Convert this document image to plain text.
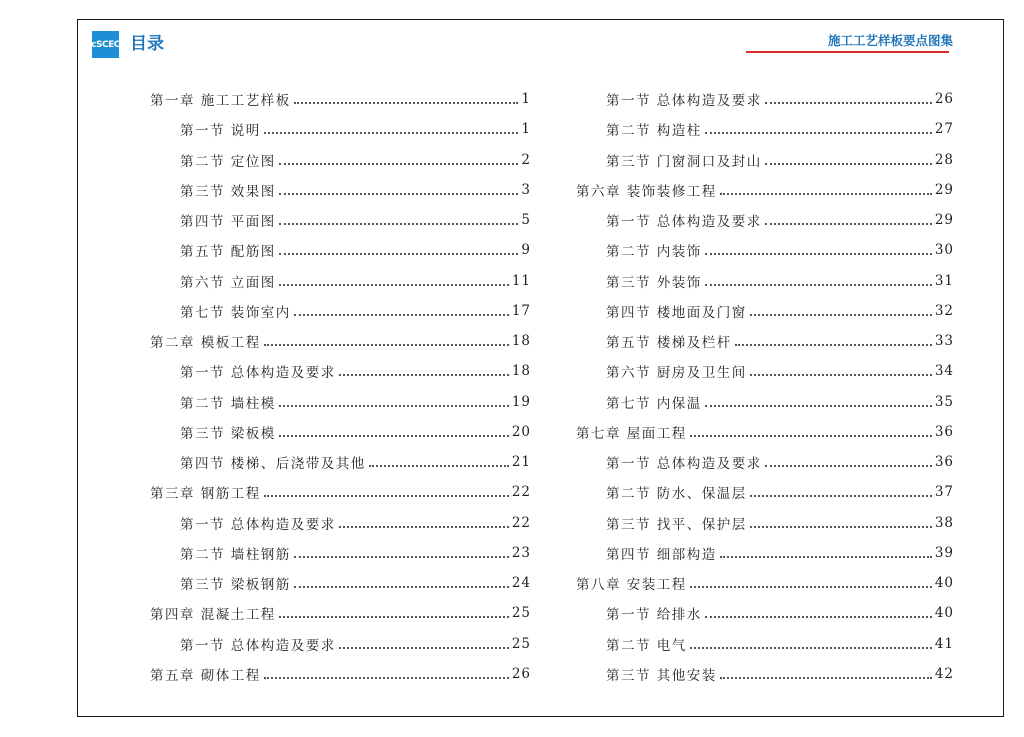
cSCEC 目录	施工工艺样板要点图集
第一章 施工工艺样板	1
第一节 说明	1
第二节 定位图	2
第三节 效果图	3
第四节 平面图	5
第五节 配筋图	9
第六节 立面图	11
第七节 装饰室内	17
第二章 模板工程	18
第一节 总体构造及要求	18
第二节 墙柱模	19
第三节 梁板模	20
第四节 楼梯、后浇带及其他	21
第三章 钢筋工程	22
第一节 总体构造及要求	22
第二节 墙柱钢筋	23
第三节 梁板钢筋	24
第四章 混凝土工程	25
第一节 总体构造及要求	25
第五章 砌体工程	26
第一节 总体构造及要求	26
第二节 构造柱	27
第三节 门窗洞口及封山	28
第六章 装饰装修工程	29
第一节 总体构造及要求	29
第二节 内装饰	30
第三节 外装饰	31
第四节 楼地面及门窗	32
第五节 楼梯及栏杆	33
第六节 厨房及卫生间	34
第七节 内保温	35
第七章 屋面工程	36
第一节 总体构造及要求	36
第二节 防水、保温层	37
第三节 找平、保护层	38
第四节 细部构造	39
第八章 安装工程	40
第一节 给排水	40
第二节 电气	41
第三节 其他安装	42
